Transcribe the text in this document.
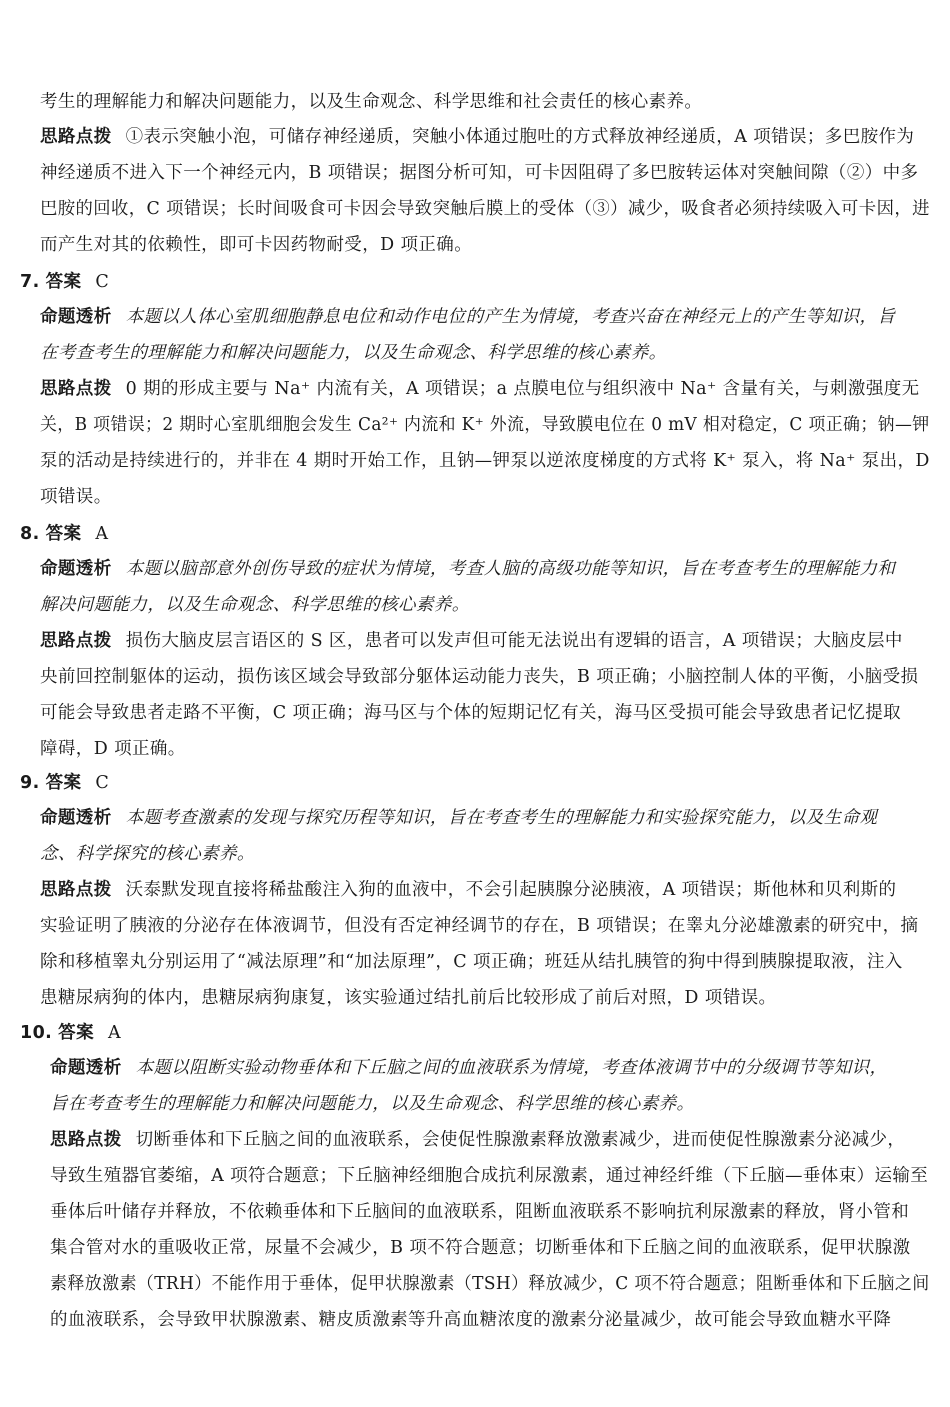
考生的理解能力和解决问题能力，以及生命观念、科学思维和社会责任的核心素养。
思路点拨 ①表示突触小泡，可储存神经递质，突触小体通过胞吐的方式释放神经递质，A 项错误；多巴胺作为
神经递质不进入下一个神经元内，B 项错误；据图分析可知，可卡因阻碍了多巴胺转运体对突触间隙（②）中多
巴胺的回收，C 项错误；长时间吸食可卡因会导致突触后膜上的受体（③）减少，吸食者必须持续吸入可卡因，进
而产生对其的依赖性，即可卡因药物耐受，D 项正确。
7. 答案 C
命题透析 本题以人体心室肌细胞静息电位和动作电位的产生为情境，考查兴奋在神经元上的产生等知识，旨
在考查考生的理解能力和解决问题能力，以及生命观念、科学思维的核心素养。
思路点拨 0 期的形成主要与 Na⁺ 内流有关，A 项错误；a 点膜电位与组织液中 Na⁺ 含量有关，与刺激强度无
关，B 项错误；2 期时心室肌细胞会发生 Ca²⁺ 内流和 K⁺ 外流，导致膜电位在 0 mV 相对稳定，C 项正确；钠—钾
泵的活动是持续进行的，并非在 4 期时开始工作，且钠—钾泵以逆浓度梯度的方式将 K⁺ 泵入，将 Na⁺ 泵出，D
项错误。
8. 答案 A
命题透析 本题以脑部意外创伤导致的症状为情境，考查人脑的高级功能等知识，旨在考查考生的理解能力和
解决问题能力，以及生命观念、科学思维的核心素养。
思路点拨 损伤大脑皮层言语区的 S 区，患者可以发声但可能无法说出有逻辑的语言，A 项错误；大脑皮层中
央前回控制躯体的运动，损伤该区域会导致部分躯体运动能力丧失，B 项正确；小脑控制人体的平衡，小脑受损
可能会导致患者走路不平衡，C 项正确；海马区与个体的短期记忆有关，海马区受损可能会导致患者记忆提取
障碍，D 项正确。
9. 答案 C
命题透析 本题考查激素的发现与探究历程等知识，旨在考查考生的理解能力和实验探究能力，以及生命观
念、科学探究的核心素养。
思路点拨 沃泰默发现直接将稀盐酸注入狗的血液中，不会引起胰腺分泌胰液，A 项错误；斯他林和贝利斯的
实验证明了胰液的分泌存在体液调节，但没有否定神经调节的存在，B 项错误；在睾丸分泌雄激素的研究中，摘
除和移植睾丸分别运用了“减法原理”和“加法原理”，C 项正确；班廷从结扎胰管的狗中得到胰腺提取液，注入
患糖尿病狗的体内，患糖尿病狗康复，该实验通过结扎前后比较形成了前后对照，D 项错误。
10. 答案 A
命题透析 本题以阻断实验动物垂体和下丘脑之间的血液联系为情境，考查体液调节中的分级调节等知识，
旨在考查考生的理解能力和解决问题能力，以及生命观念、科学思维的核心素养。
思路点拨 切断垂体和下丘脑之间的血液联系，会使促性腺激素释放激素减少，进而使促性腺激素分泌减少，
导致生殖器官萎缩，A 项符合题意；下丘脑神经细胞合成抗利尿激素，通过神经纤维（下丘脑—垂体束）运输至
垂体后叶储存并释放，不依赖垂体和下丘脑间的血液联系，阻断血液联系不影响抗利尿激素的释放，肾小管和
集合管对水的重吸收正常，尿量不会减少，B 项不符合题意；切断垂体和下丘脑之间的血液联系，促甲状腺激
素释放激素（TRH）不能作用于垂体，促甲状腺激素（TSH）释放减少，C 项不符合题意；阻断垂体和下丘脑之间
的血液联系，会导致甲状腺激素、糖皮质激素等升高血糖浓度的激素分泌量减少，故可能会导致血糖水平降
